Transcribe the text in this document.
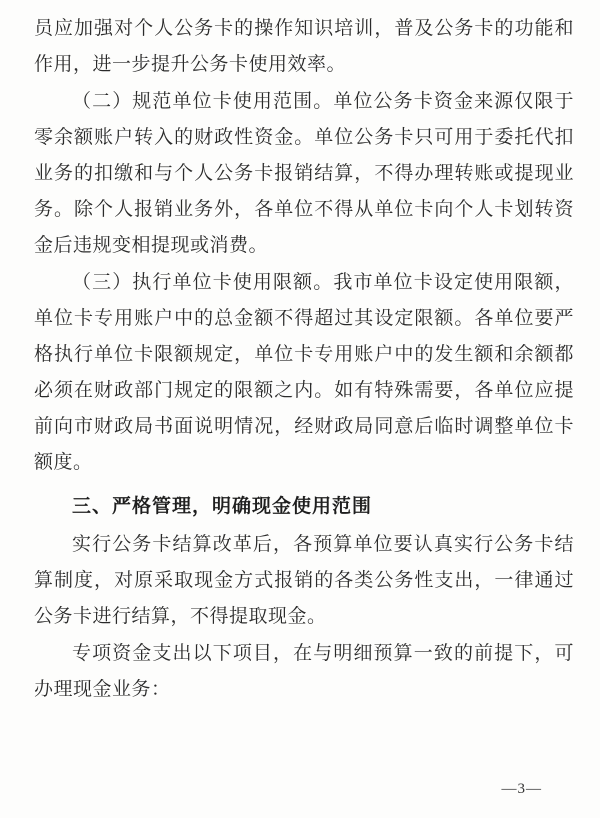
员应加强对个人公务卡的操作知识培训，普及公务卡的功能和作用，进一步提升公务卡使用效率。

（二）规范单位卡使用范围。单位公务卡资金来源仅限于零余额账户转入的财政性资金。单位公务卡只可用于委托代扣业务的扣缴和与个人公务卡报销结算，不得办理转账或提现业务。除个人报销业务外，各单位不得从单位卡向个人卡划转资金后违规变相提现或消费。

（三）执行单位卡使用限额。我市单位卡设定使用限额，单位卡专用账户中的总金额不得超过其设定限额。各单位要严格执行单位卡限额规定，单位卡专用账户中的发生额和余额都必须在财政部门规定的限额之内。如有特殊需要，各单位应提前向市财政局书面说明情况，经财政局同意后临时调整单位卡额度。

三、严格管理，明确现金使用范围

实行公务卡结算改革后，各预算单位要认真实行公务卡结算制度，对原采取现金方式报销的各类公务性支出，一律通过公务卡进行结算，不得提取现金。

专项资金支出以下项目，在与明细预算一致的前提下，可办理现金业务：

—3—
